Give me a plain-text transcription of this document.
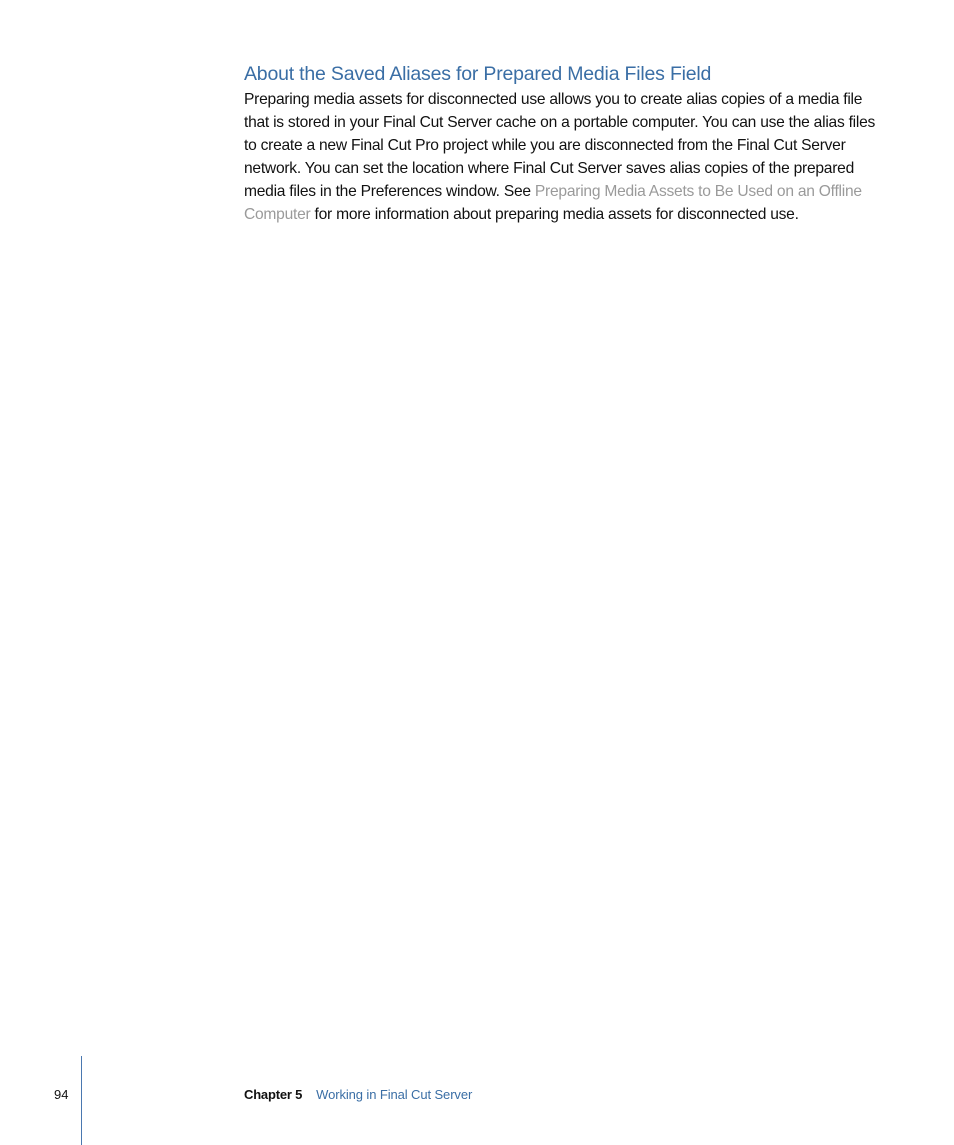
About the Saved Aliases for Prepared Media Files Field

Preparing media assets for disconnected use allows you to create alias copies of a media file that is stored in your Final Cut Server cache on a portable computer. You can use the alias files to create a new Final Cut Pro project while you are disconnected from the Final Cut Server network. You can set the location where Final Cut Server saves alias copies of the prepared media files in the Preferences window. See Preparing Media Assets to Be Used on an Offline Computer for more information about preparing media assets for disconnected use.

94	Chapter 5 Working in Final Cut Server
